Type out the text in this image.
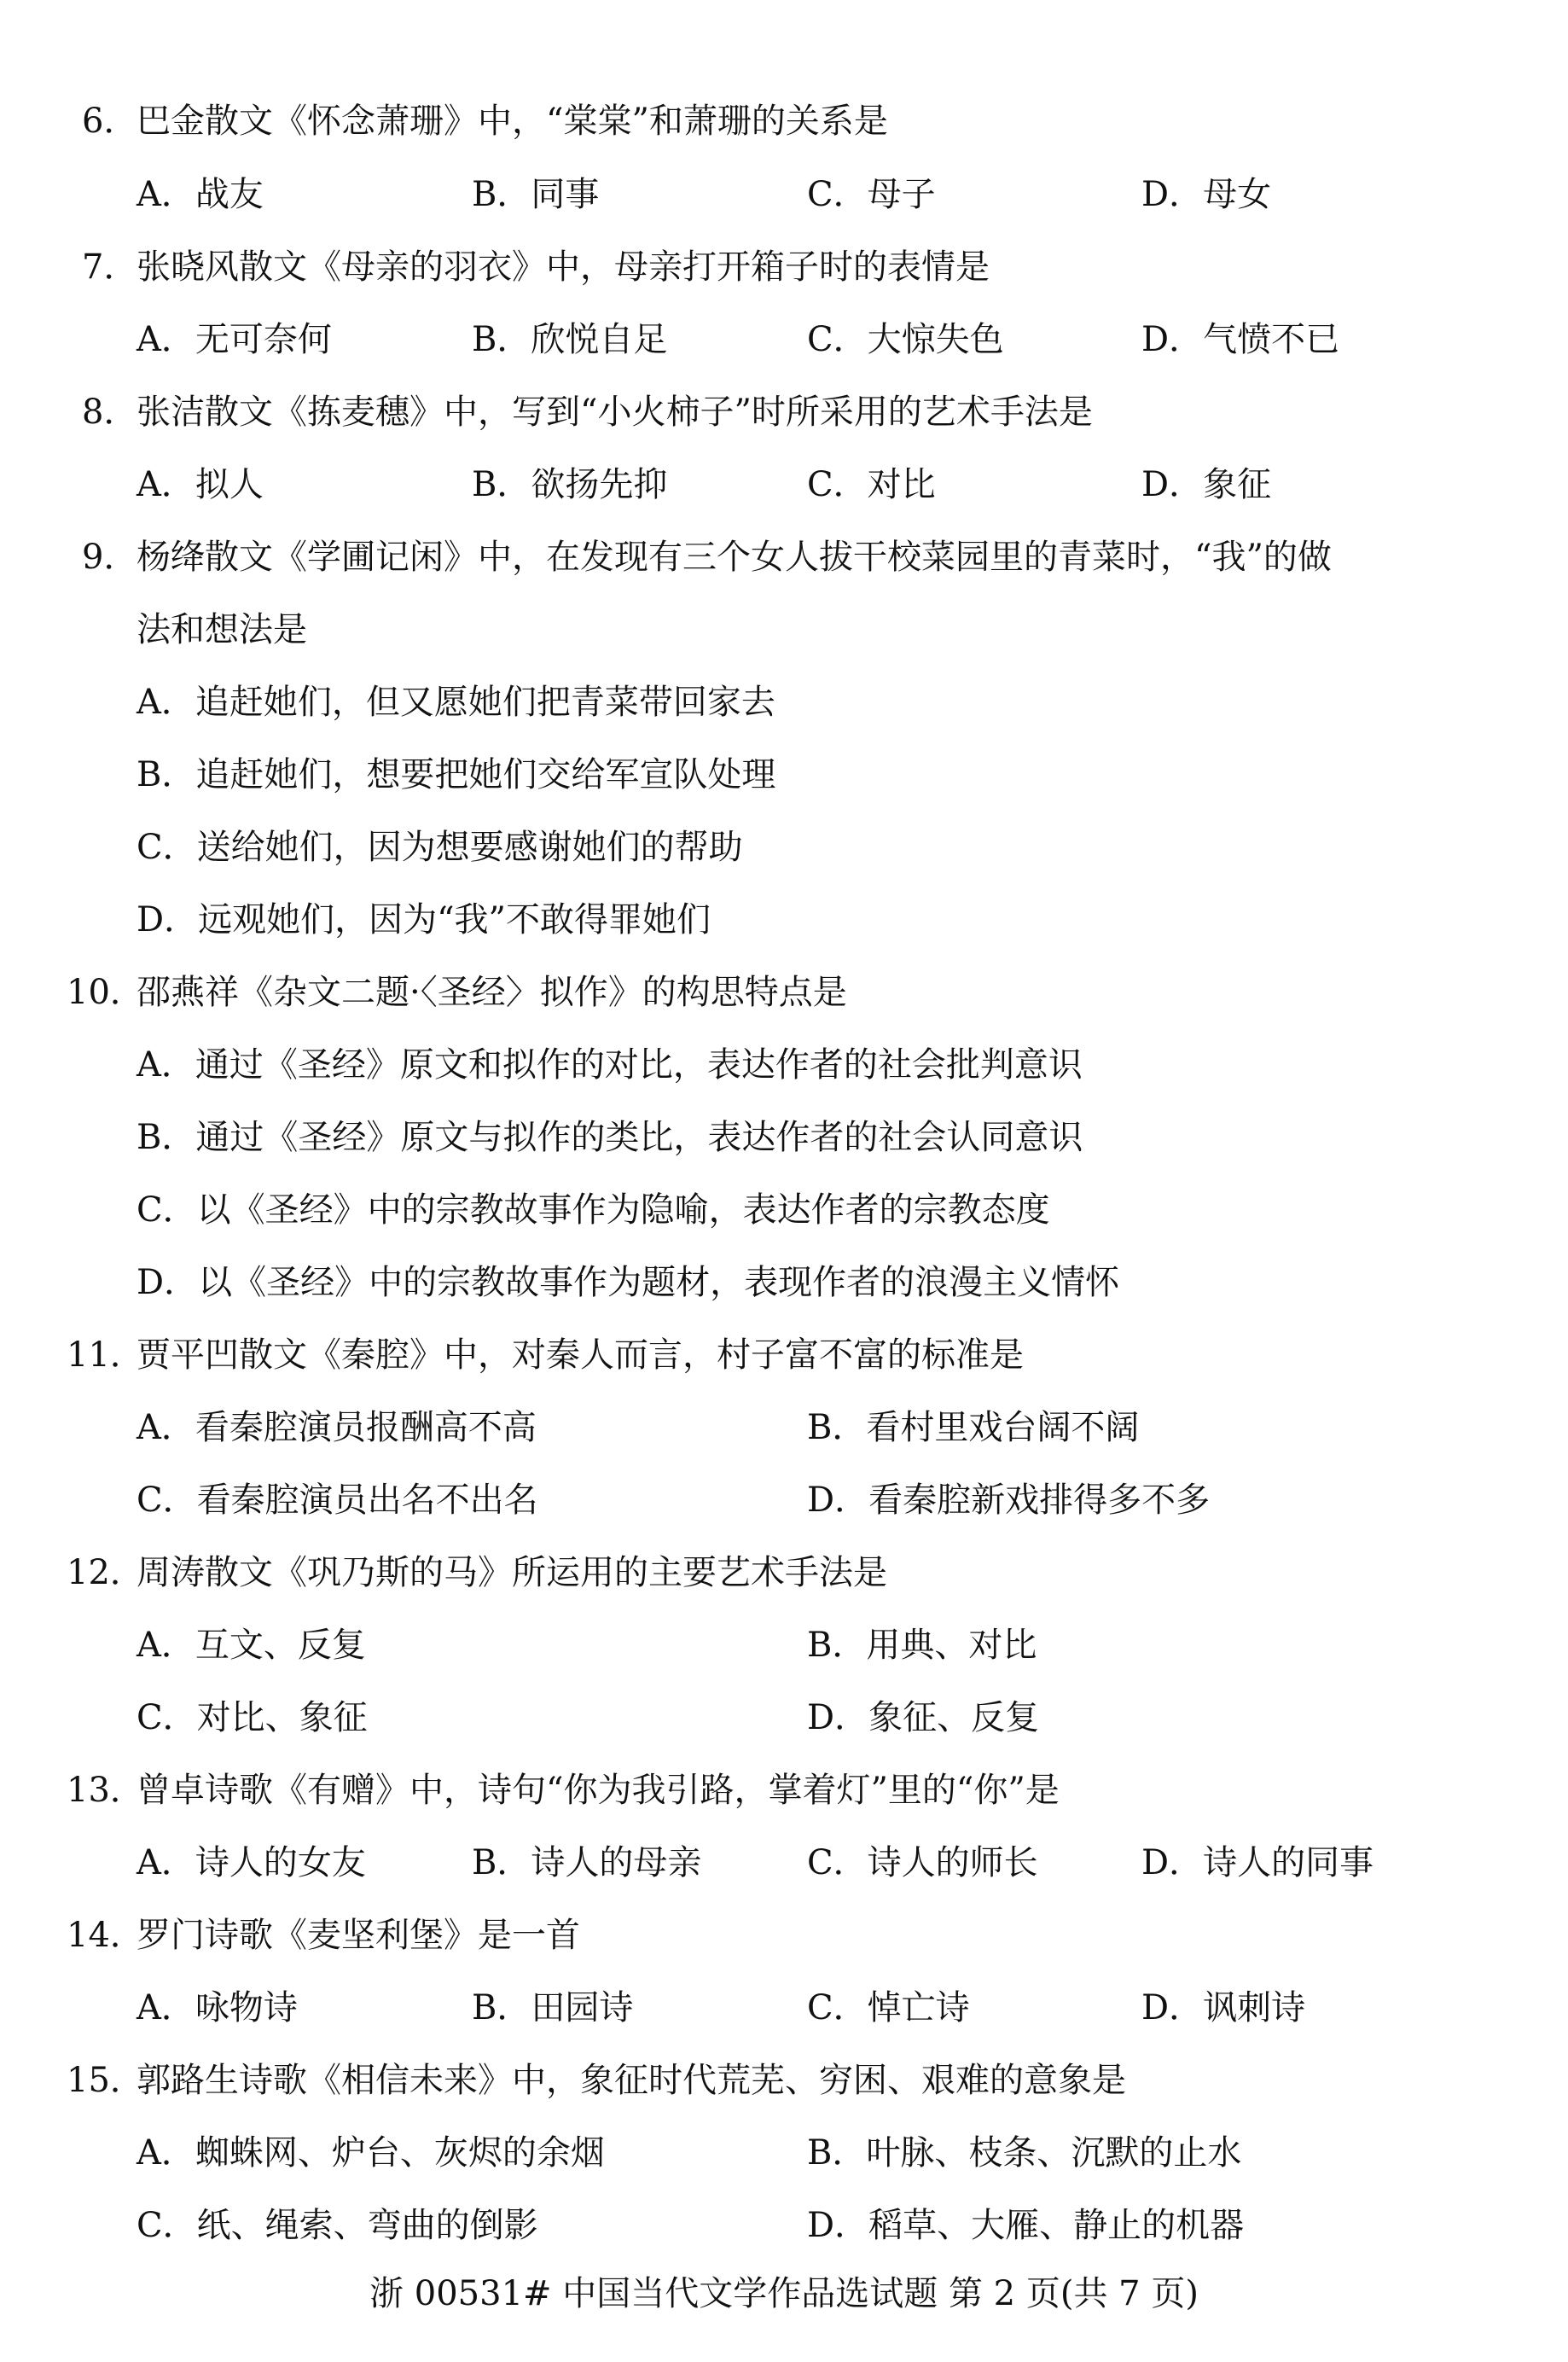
6．
巴金散文《怀念萧珊》中，“棠棠”和萧珊的关系是
A．战友	B．同事	C．母子	D．母女
7．
张晓风散文《母亲的羽衣》中，母亲打开箱子时的表情是
A．无可奈何	B．欣悦自足	C．大惊失色	D．气愤不已
8．
张洁散文《拣麦穗》中，写到“小火柿子”时所采用的艺术手法是
A．拟人	B．欲扬先抑	C．对比	D．象征
9．
杨绛散文《学圃记闲》中，在发现有三个女人拔干校菜园里的青菜时，“我”的做
法和想法是
A．追赶她们，但又愿她们把青菜带回家去
B．追赶她们，想要把她们交给军宣队处理
C．送给她们，因为想要感谢她们的帮助
D．远观她们，因为“我”不敢得罪她们
10．
邵燕祥《杂文二题·〈圣经〉拟作》的构思特点是
A．通过《圣经》原文和拟作的对比，表达作者的社会批判意识
B．通过《圣经》原文与拟作的类比，表达作者的社会认同意识
C．以《圣经》中的宗教故事作为隐喻，表达作者的宗教态度
D．以《圣经》中的宗教故事作为题材，表现作者的浪漫主义情怀
11．
贾平凹散文《秦腔》中，对秦人而言，村子富不富的标准是
A．看秦腔演员报酬高不高	B．看村里戏台阔不阔
C．看秦腔演员出名不出名	D．看秦腔新戏排得多不多
12．
周涛散文《巩乃斯的马》所运用的主要艺术手法是
A．互文、反复	B．用典、对比
C．对比、象征	D．象征、反复
13．
曾卓诗歌《有赠》中，诗句“你为我引路，掌着灯”里的“你”是
A．诗人的女友	B．诗人的母亲	C．诗人的师长	D．诗人的同事
14．
罗门诗歌《麦坚利堡》是一首
A．咏物诗	B．田园诗	C．悼亡诗	D．讽刺诗
15．
郭路生诗歌《相信未来》中，象征时代荒芜、穷困、艰难的意象是
A．蜘蛛网、炉台、灰烬的余烟	B．叶脉、枝条、沉默的止水
C．纸、绳索、弯曲的倒影	D．稻草、大雁、静止的机器
浙 00531# 中国当代文学作品选试题 第 2 页(共 7 页)
